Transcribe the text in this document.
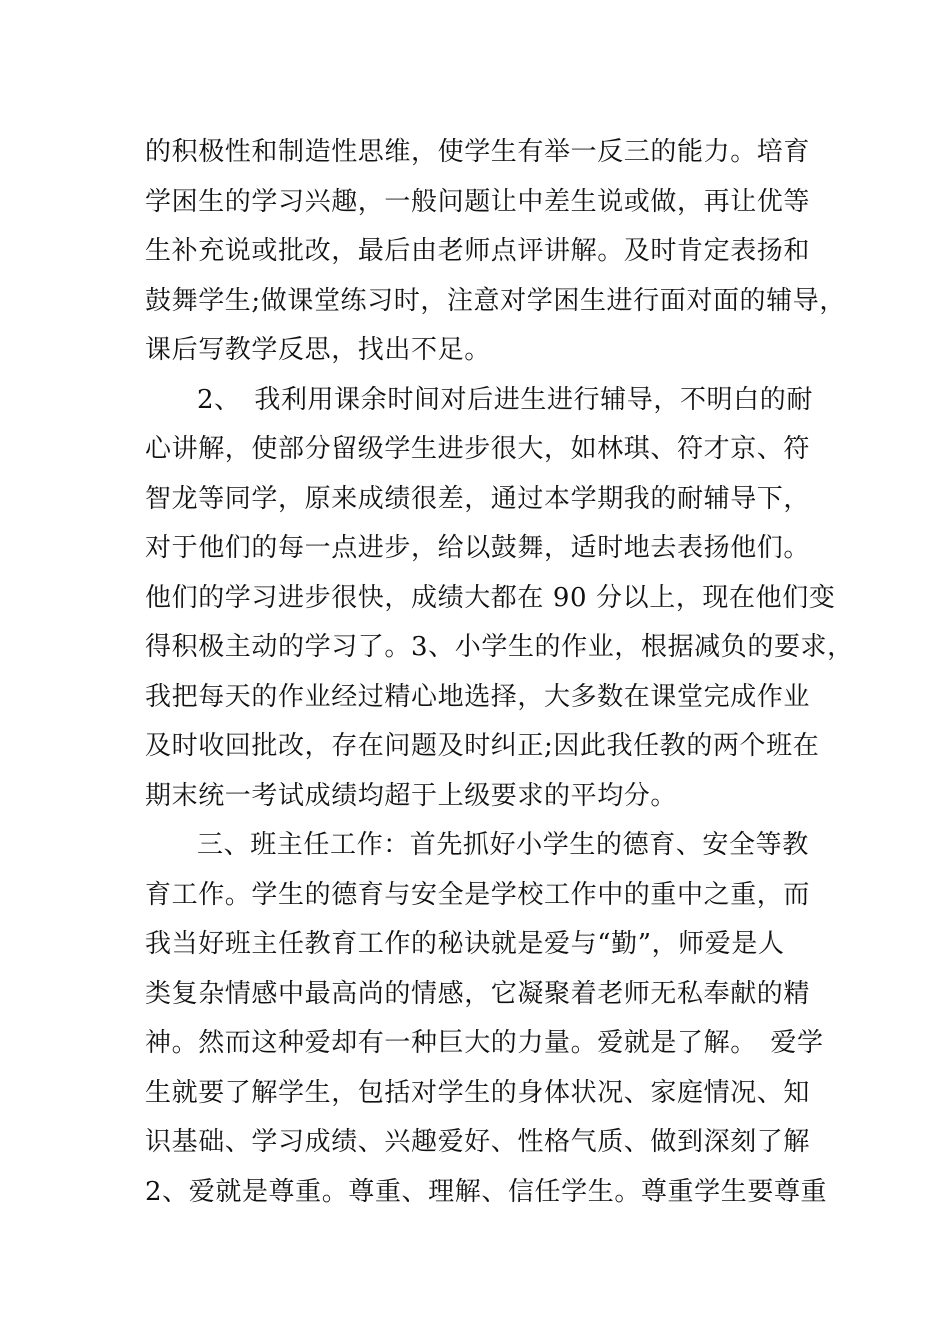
的积极性和制造性思维，使学生有举一反三的能力。培育
学困生的学习兴趣，一般问题让中差生说或做，再让优等
生补充说或批改，最后由老师点评讲解。及时肯定表扬和
鼓舞学生;做课堂练习时，注意对学困生进行面对面的辅导，
课后写教学反思，找出不足。
2、　我利用课余时间对后进生进行辅导，不明白的耐
心讲解，使部分留级学生进步很大，如林琪、符才京、符
智龙等同学，原来成绩很差，通过本学期我的耐辅导下，
对于他们的每一点进步，给以鼓舞，适时地去表扬他们。
他们的学习进步很快，成绩大都在 90 分以上，现在他们变
得积极主动的学习了。3、小学生的作业，根据减负的要求，
我把每天的作业经过精心地选择，大多数在课堂完成作业
及时收回批改，存在问题及时纠正;因此我任教的两个班在
期末统一考试成绩均超于上级要求的平均分。
三、班主任工作：首先抓好小学生的德育、安全等教
育工作。学生的德育与安全是学校工作中的重中之重，而
我当好班主任教育工作的秘诀就是爱与“勤”，师爱是人
类复杂情感中最高尚的情感，它凝聚着老师无私奉献的精
神。然而这种爱却有一种巨大的力量。爱就是了解。　爱学
生就要了解学生，包括对学生的身体状况、家庭情况、知
识基础、学习成绩、兴趣爱好、性格气质、做到深刻了解
2、爱就是尊重。尊重、理解、信任学生。尊重学生要尊重
